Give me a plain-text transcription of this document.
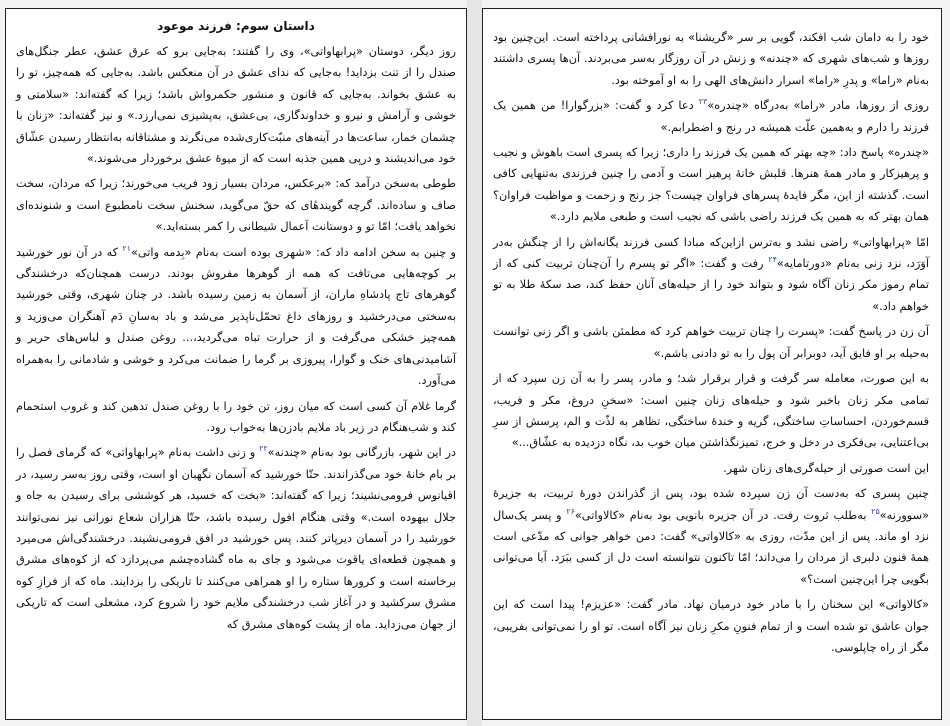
داستان سوم: فرزند موعود

روز دیگر، دوستان «پرابهاواتی»، وی را گفتند: به‌جایی برو که عرق عشق، عطر جنگل‌های صندل را از تنت بزداید! به‌جایی که ندای عشق در آن منعکس باشد. به‌جایی که همه‌چیز، تو را به عشق بخواند. به‌جایی که قانون و منشور حکمرواش باشد؛ زیرا که گفته‌اند: «سلامتی و خوشی و آرامش و نیرو و خداوندگاری، بی‌عشق، به‌پشیزی نمی‌ارزد.» و نیز گفته‌اند: «زنان با چشمان خمار، ساعت‌ها در آینه‌های منبّت‌کاری‌شده می‌نگرند و مشتاقانه به‌انتظار رسیدن عشّاق خود می‌اندیشند و درپی همین جذبه است که از میوهٔ عشق برخوردار می‌شوند.»

طوطی به‌سخن درآمد که: «برعکس، مردان بسیار زود فریب می‌خورند؛ زیرا که مردان، سخت صاف و ساده‌اند. گرچه گویندهٔای که حقّ می‌گوید، سخنش سخت نامطبوع است و شنونده‌ای نخواهد یافت؛ امّا تو و دوستانت اَعمال شیطانی را کمر بسته‌اید.»

و چنین به سخن ادامه داد که: «شهری بوده است به‌نام «بِدمه واتی»$^{۲۱}$ که در آن نور خورشید بر کوچه‌هایی می‌تافت که همه از گوهرها مفروش بودند. درست همچنان‌که درخشندگی گوهرهای تاج پادشاهِ ماران، از آسمان به زمین رسیده باشد. در چنان شهری، وقتی خورشید به‌سختی می‌درخشید و روزهای داغ تحمّل‌ناپذیر می‌شد و باد به‌سانِ دَم آهنگران می‌وزید و همه‌چیز خشکی می‌گرفت و از حرارت تباه می‌گردید،... روغن صندل و لباس‌های حریر و آشامیدنی‌های خنک و گوارا، پیروزی بر گرما را ضمانت می‌کرد و خوشی و شادمانی را به‌همراه می‌آورد.

گرما غلام آن کسی است که میان روز، تن خود را با روغن صندل تدهین کند و غروب استحمام کند و شب‌هنگام در زیر باد ملایم بادزن‌ها به‌خواب رود.

در این شهر، بازرگانی بود به‌نام «چندنه»$^{۲۲}$ و زنی داشت به‌نام «پرابهاواتی» که گرمای فصل را بر بام خانهٔ خود می‌گذراندند. حتّا خورشید که آسمان نگهبان او است، وقتی روز به‌سر رسید، در اقیانوس فرومی‌نشیند؛ زیرا که گفته‌اند: «بخت که خسید، هر کوششی برای رسیدن به جاه و جلال بیهوده است.» وقتی هنگام افول رسیده باشد، حتّا هزاران شعاع نورانی نیز نمی‌توانند خورشید را در آسمان دیرپاتر کنند. پس خورشید در افق فرومی‌نشیند. درخشندگی‌اش می‌میرد و همچون قطعه‌ای یاقوت می‌شود و جای به ماه گشاده‌چشم می‌پردازد که از کوه‌های مشرق برخاسته است و کرورها ستاره را او همراهی می‌کنند تا تاریکی را بزدایند. ماه که از فرازِ کوه مشرق سرکشید و در آغاز شب درخشندگی ملایم خود را شروع کرد، مشعلی است که تاریکی از جهان می‌زداید. ماه از پشت کوه‌های مشرق که

خود را به دامان شب افکند، گویی بر سر «گریشنا» به نورافشانی پرداخته است. این‌چنین بود روزها و شب‌های شهری که «چندنه» و زنش در آن روزگار به‌سر می‌بردند. آن‌ها پسری داشتند به‌نام «راما» و پدرِ «راما» اسرار دانش‌های الهی را به او آموخته بود.

روزی از روزها، مادر «راما» به‌درگاه «چندره»$^{۲۳}$ دعا کرد و گفت: «بزرگوارا! من همین یک فرزند را دارم و به‌همین علّت همیشه در رنج و اضطرابم.»

«چندره» پاسخ داد: «چه بهتر که همین یک فرزند را داری؛ زیرا که پسری است باهوش و نجیب و پرهیزکار و مادر همهٔ هنرها. قلبش خانهٔ پرهیز است و آدمی را چنین فرزندی به‌تنهایی کافی است. گذشته از این، مگر فایدهٔ پسرهای فراوان چیست؟ جز رنج و زحمت و مواظبت فراوان؟ همان بهتر که به همین یک فرزند راضی باشی که نجیب است و طبعی ملایم دارد.»

امّا «پرابهاواتی» راضی نشد و به‌ترس ازاین‌که مبادا کسی فرزند یگانه‌اش را از چنگش به‌در آوَرَد، نزد زنی به‌نام «دورتامایه»$^{۲۴}$ رفت و گفت: «اگر تو پسرم را آن‌چنان تربیت کنی که از تمام رموز مکر زنان آگاه شود و بتواند خود را از حیله‌های آنان حفظ کند، صد سکهٔ طلا به تو خواهم داد.»

آن زن در پاسخ گفت: «پسرت را چنان تربیت خواهم کرد که مطمئن باشی و اگر زنی توانست به‌حیله بر او فایق آید، دوبرابر آن پول را به تو دادنی باشم.»

به این صورت، معامله سر گرفت و قرار برقرار شد؛ و مادر، پسر را به آن زن سپرد که از تمامی مکر زنان باخبر شود و حیله‌های زنان چنین است: «سخنِ دروغ، مکر و فریب، قسم‌خوردن، احساساتِ ساختگی، گریه و خندهٔ ساختگی، تظاهر به لذّت و الم، پرسش از سرِ بی‌اعتنایی، بی‌فکری در دخل و خرج، تمیزنگذاشتن میان خوب بد، نگاه دزدیده به عشّاق...»

این است صورتی از حیله‌گری‌های زنان شهر.

چنین پسری که به‌دست آن زن سپرده شده بود، پس از گذراندن دورهٔ تربیت، به جزیرهٔ «سوورنه»$^{۲۵}$ به‌طلب ثروت رفت. در آن جزیره بانویی بود به‌نام «کالاواتی»$^{۲۶}$ و پسر یک‌سال نزد او ماند. پس از این مدّت، روزی به «کالاواتی» گفت: دمن خواهر جوانی که مدّعی است همهٔ فنون دلبری از مردان را می‌داند؛ امّا تاکنون نتوانسته است دل از کسی ببَرَد. آیا می‌توانی بگویی چرا این‌چنین است؟»

«کالاواتی» این سخنان را با مادر خود درمیان نهاد. مادر گفت: «عزیزم! پیدا است که این جوان عاشق تو شده است و از تمام فنونِ مکرِ زنان نیز آگاه است. تو او را نمی‌توانی بفریبی، مگر از راه چاپلوسی.
